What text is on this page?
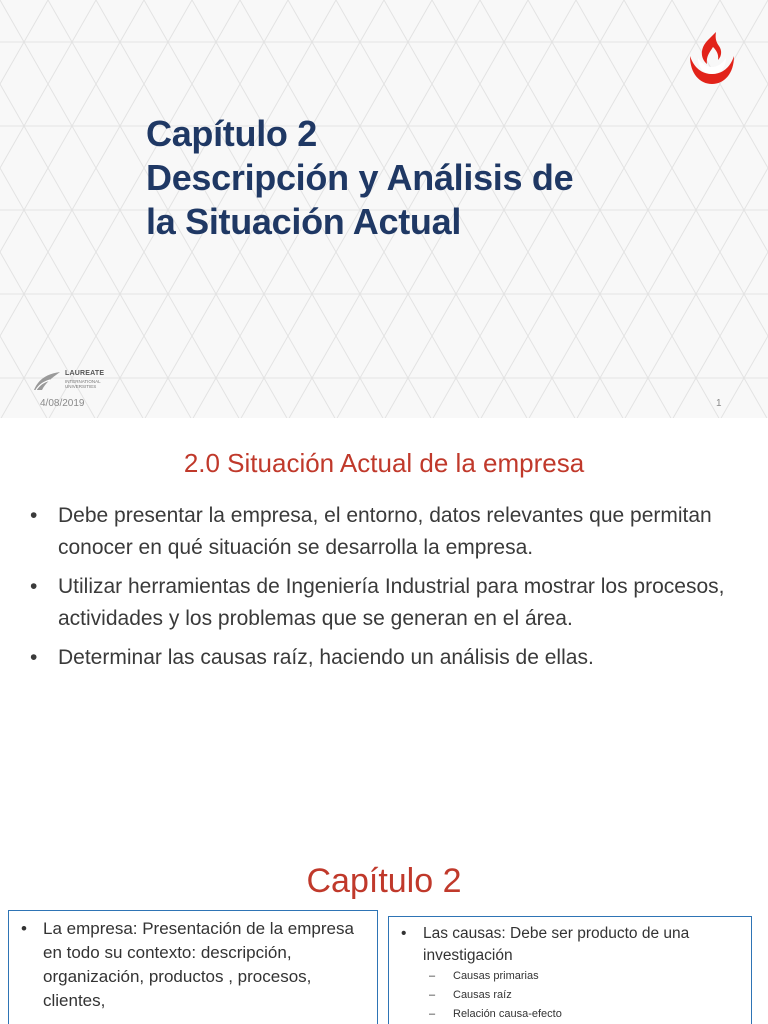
Capítulo 2
Descripción y Análisis de
la Situación Actual
LAUREATE
INTERNATIONAL UNIVERSITIES
4/08/2019	1
2.0 Situación Actual de la empresa
• Debe presentar la empresa, el entorno, datos relevantes que permitan conocer en qué situación se desarrolla la empresa.
• Utilizar herramientas de Ingeniería Industrial para mostrar los procesos, actividades y los problemas que se generan en el área.
• Determinar las causas raíz, haciendo un análisis de ellas.
Capítulo 2
• La empresa: Presentación de la empresa en todo su contexto: descripción, organización, productos , procesos, clientes,
• Las causas: Debe ser producto de una investigación
– Causas primarias
– Causas raíz
– Relación causa-efecto
